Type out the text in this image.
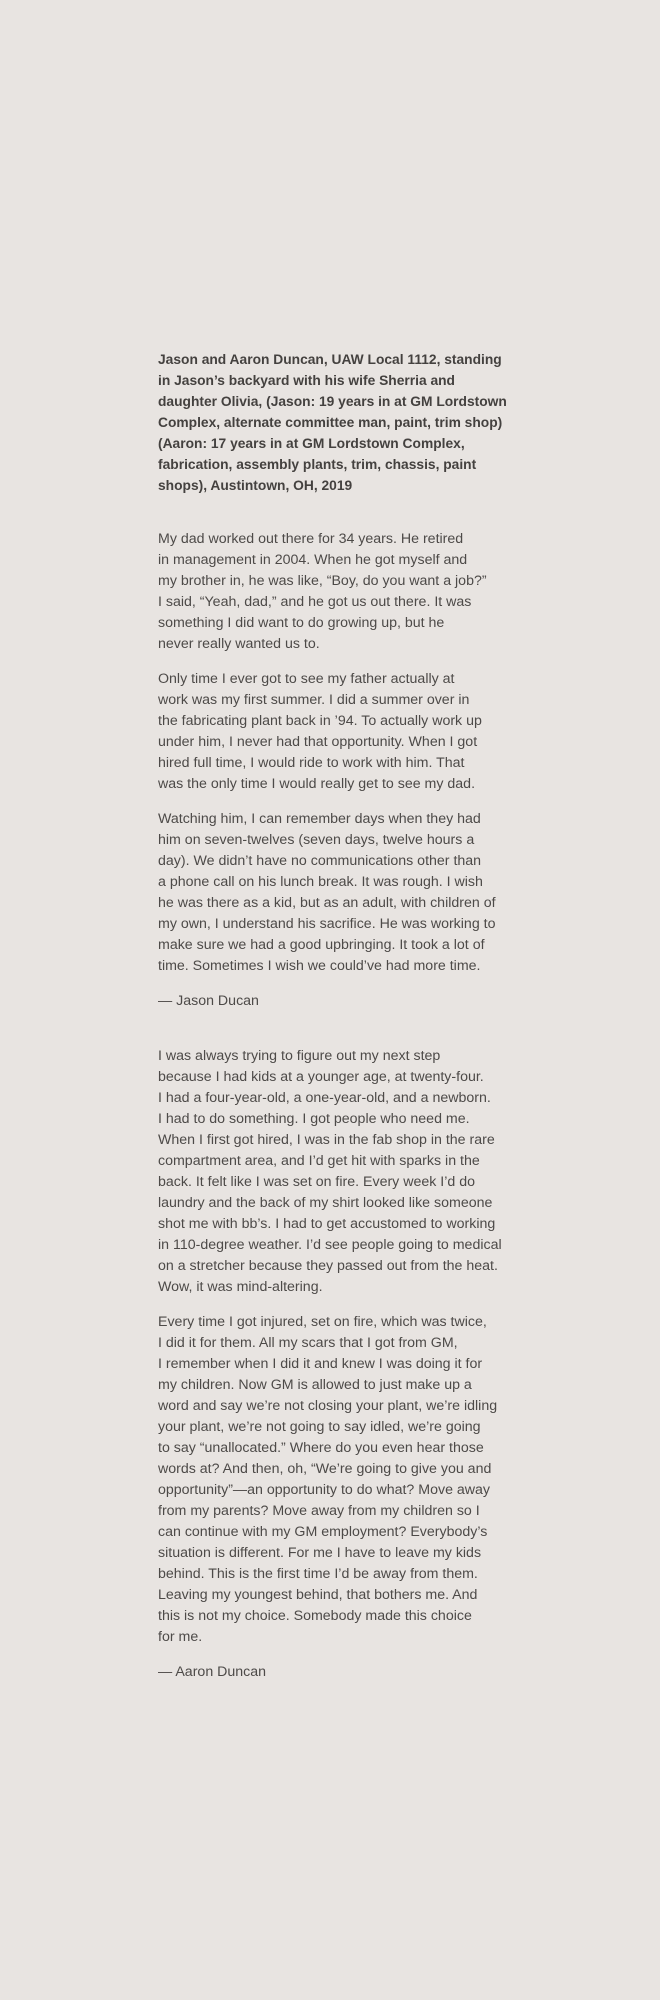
Jason and Aaron Duncan, UAW Local 1112, standing
in Jason’s backyard with his wife Sherria and
daughter Olivia, (Jason: 19 years in at GM Lordstown
Complex, alternate committee man, paint, trim shop)
(Aaron: 17 years in at GM Lordstown Complex,
fabrication, assembly plants, trim, chassis, paint
shops), Austintown, OH, 2019

My dad worked out there for 34 years. He retired
in management in 2004. When he got myself and
my brother in, he was like, “Boy, do you want a job?”
I said, “Yeah, dad,” and he got us out there. It was
something I did want to do growing up, but he
never really wanted us to.

Only time I ever got to see my father actually at
work was my first summer. I did a summer over in
the fabricating plant back in ’94. To actually work up
under him, I never had that opportunity. When I got
hired full time, I would ride to work with him. That
was the only time I would really get to see my dad.

Watching him, I can remember days when they had
him on seven-twelves (seven days, twelve hours a
day). We didn’t have no communications other than
a phone call on his lunch break. It was rough. I wish
he was there as a kid, but as an adult, with children of
my own, I understand his sacrifice. He was working to
make sure we had a good upbringing. It took a lot of
time. Sometimes I wish we could’ve had more time.

— Jason Ducan

I was always trying to figure out my next step
because I had kids at a younger age, at twenty-four.
I had a four-year-old, a one-year-old, and a newborn.
I had to do something. I got people who need me.
When I first got hired, I was in the fab shop in the rare
compartment area, and I’d get hit with sparks in the
back. It felt like I was set on fire. Every week I’d do
laundry and the back of my shirt looked like someone
shot me with bb’s. I had to get accustomed to working
in 110-degree weather. I’d see people going to medical
on a stretcher because they passed out from the heat.
Wow, it was mind-altering.

Every time I got injured, set on fire, which was twice,
I did it for them. All my scars that I got from GM,
I remember when I did it and knew I was doing it for
my children. Now GM is allowed to just make up a
word and say we’re not closing your plant, we’re idling
your plant, we’re not going to say idled, we’re going
to say “unallocated.” Where do you even hear those
words at? And then, oh, “We’re going to give you and
opportunity”—an opportunity to do what? Move away
from my parents? Move away from my children so I
can continue with my GM employment? Everybody’s
situation is different. For me I have to leave my kids
behind. This is the first time I’d be away from them.
Leaving my youngest behind, that bothers me. And
this is not my choice. Somebody made this choice
for me.

— Aaron Duncan
